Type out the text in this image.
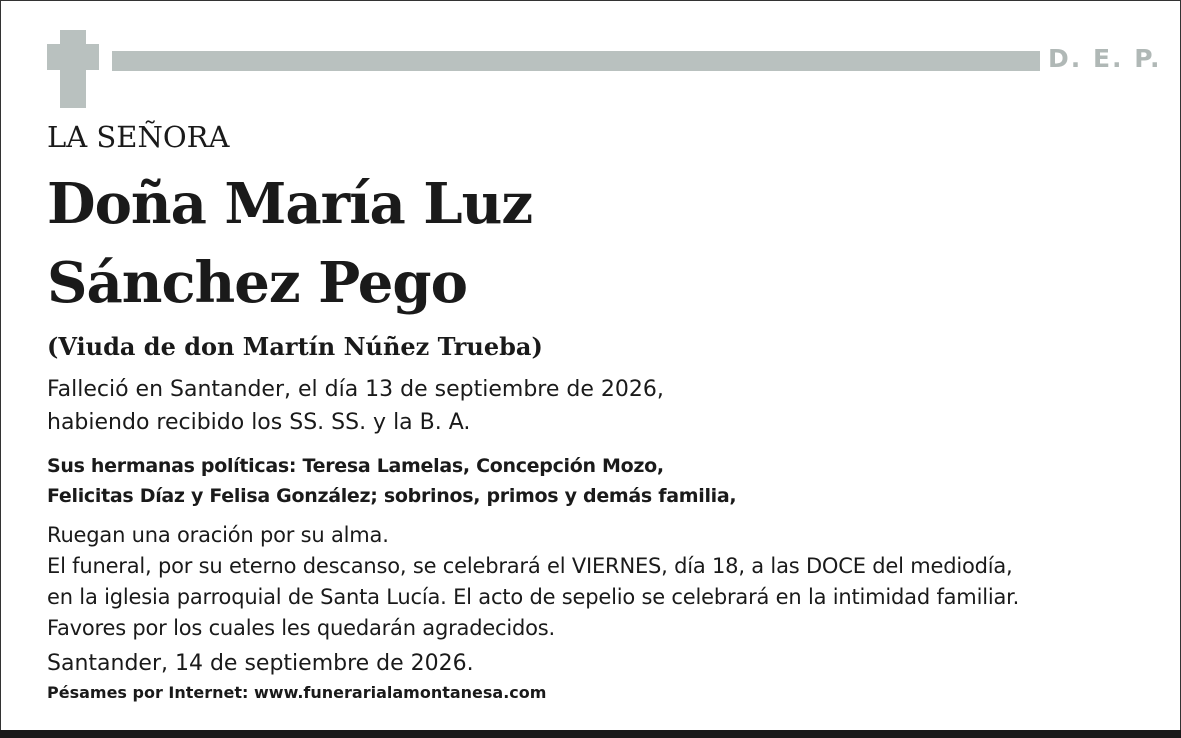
D. E. P.
LA SEÑORA
Doña María Luz
Sánchez Pego
(Viuda de don Martín Núñez Trueba)
Falleció en Santander, el día 13 de septiembre de 2026,
habiendo recibido los SS. SS. y la B. A.
Sus hermanas políticas: Teresa Lamelas, Concepción Mozo,
Felicitas Díaz y Felisa González; sobrinos, primos y demás familia,
Ruegan una oración por su alma.
El funeral, por su eterno descanso, se celebrará el VIERNES, día 18, a las DOCE del mediodía,
en la iglesia parroquial de Santa Lucía. El acto de sepelio se celebrará en la intimidad familiar.
Favores por los cuales les quedarán agradecidos.
Santander, 14 de septiembre de 2026.
Pésames por Internet: www.funerarialamontanesa.com
